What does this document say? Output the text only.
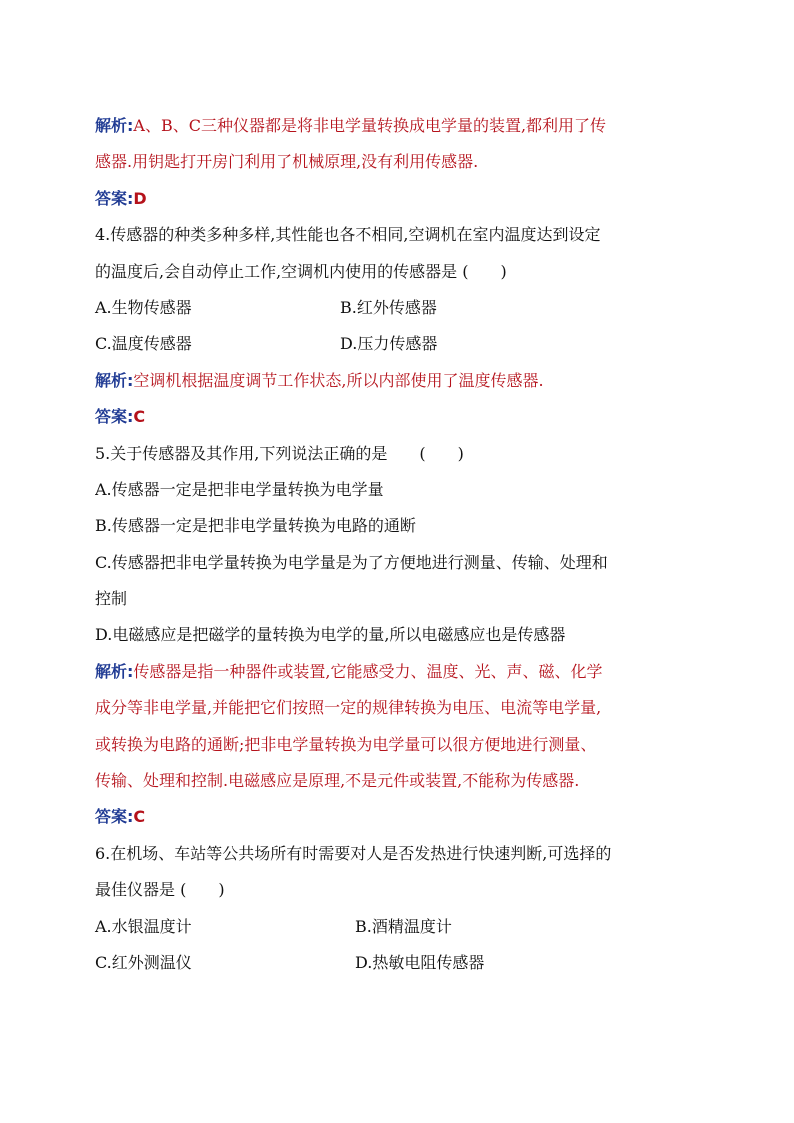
解析:A、B、C三种仪器都是将非电学量转换成电学量的装置,都利用了传
感器.用钥匙打开房门利用了机械原理,没有利用传感器.
答案:D
4.传感器的种类多种多样,其性能也各不相同,空调机在室内温度达到设定
的温度后,会自动停止工作,空调机内使用的传感器是 (　　)
A.生物传感器	B.红外传感器
C.温度传感器	D.压力传感器
解析:空调机根据温度调节工作状态,所以内部使用了温度传感器.
答案:C
5.关于传感器及其作用,下列说法正确的是　　(　　)
A.传感器一定是把非电学量转换为电学量
B.传感器一定是把非电学量转换为电路的通断
C.传感器把非电学量转换为电学量是为了方便地进行测量、传输、处理和
控制
D.电磁感应是把磁学的量转换为电学的量,所以电磁感应也是传感器
解析:传感器是指一种器件或装置,它能感受力、温度、光、声、磁、化学
成分等非电学量,并能把它们按照一定的规律转换为电压、电流等电学量,
或转换为电路的通断;把非电学量转换为电学量可以很方便地进行测量、
传输、处理和控制.电磁感应是原理,不是元件或装置,不能称为传感器.
答案:C
6.在机场、车站等公共场所有时需要对人是否发热进行快速判断,可选择的
最佳仪器是 (　　)
A.水银温度计	B.酒精温度计
C.红外测温仪	D.热敏电阻传感器
